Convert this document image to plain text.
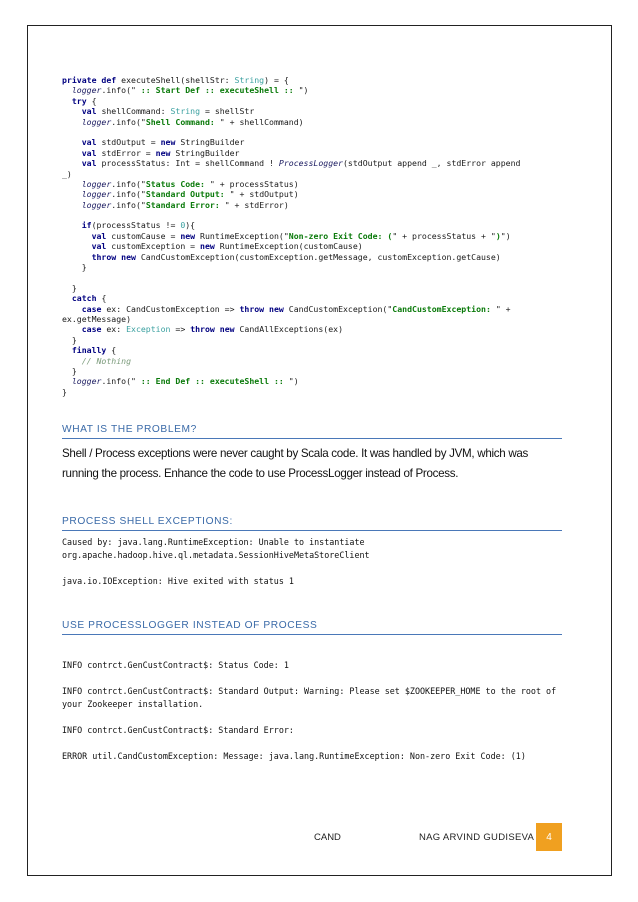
private def executeShell(shellStr: String) = {
logger.info(" :: Start Def :: executeShell :: ")
try {
val shellCommand: String = shellStr
logger.info("Shell Command: " + shellCommand)
val stdOutput = new StringBuilder
val stdError = new StringBuilder
val processStatus: Int = shellCommand ! ProcessLogger(stdOutput append _, stdError append
_)
logger.info("Status Code: " + processStatus)
logger.info("Standard Output: " + stdOutput)
logger.info("Standard Error: " + stdError)
if(processStatus != 0){
val customCause = new RuntimeException("Non-zero Exit Code: (" + processStatus + ")")
val customException = new RuntimeException(customCause)
throw new CandCustomException(customException.getMessage, customException.getCause)
}
}
catch {
case ex: CandCustomException => throw new CandCustomException("CandCustomException: " +
ex.getMessage)
case ex: Exception => throw new CandAllExceptions(ex)
}
finally {
// Nothing
}
logger.info(" :: End Def :: executeShell :: ")
}
WHAT IS THE PROBLEM?
Shell / Process exceptions were never caught by Scala code. It was handled by JVM, which was running the process. Enhance the code to use ProcessLogger instead of Process.
PROCESS SHELL EXCEPTIONS:
Caused by: java.lang.RuntimeException: Unable to instantiate
org.apache.hadoop.hive.ql.metadata.SessionHiveMetaStoreClient
java.io.IOException: Hive exited with status 1
USE PROCESSLOGGER INSTEAD OF PROCESS
INFO contrct.GenCustContract$: Status Code: 1
INFO contrct.GenCustContract$: Standard Output: Warning: Please set $ZOOKEEPER_HOME to the root of
your Zookeeper installation.
INFO contrct.GenCustContract$: Standard Error:
ERROR util.CandCustomException: Message: java.lang.RuntimeException: Non-zero Exit Code: (1)
CAND	NAG ARVIND GUDISEVA	4
